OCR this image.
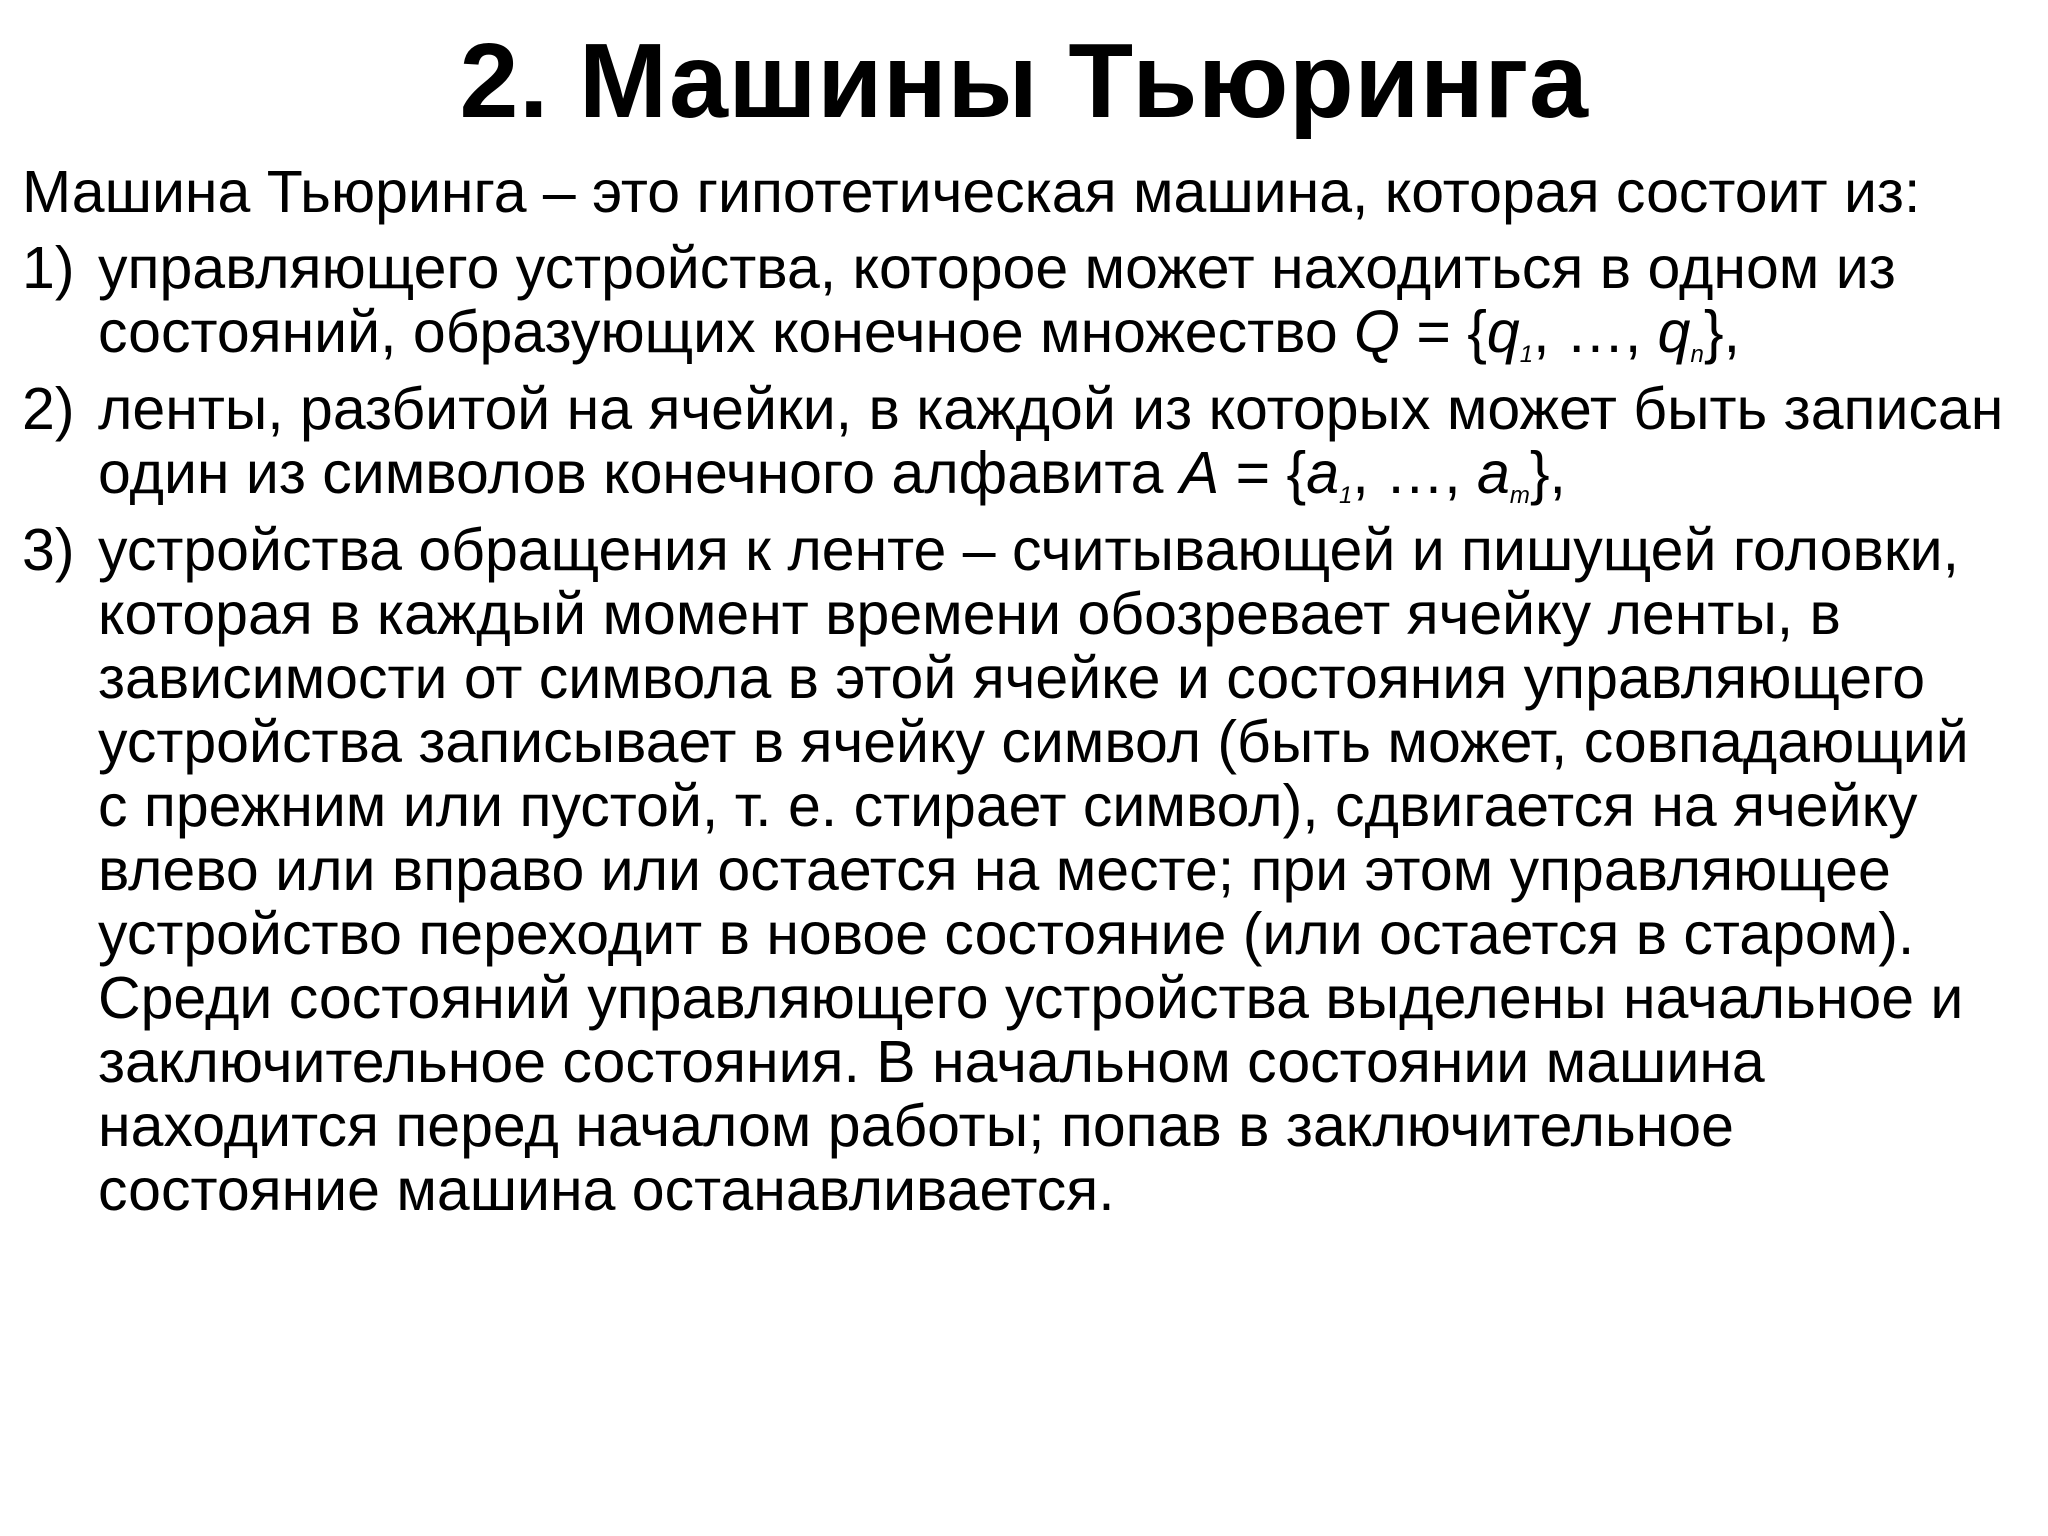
2. Машины Тьюринга

Машина Тьюринга – это гипотетическая машина, которая состоит из:

1) управляющего устройства, которое может находиться в одном из состояний, образующих конечное множество $Q = \{q_1$, …, $q_n$},
2) ленты, разбитой на ячейки, в каждой из которых может быть записан один из символов конечного алфавита $A = \{a_1$, …, $a_m$},
3) устройства обращения к ленте – считывающей и пишущей головки, которая в каждый момент времени обозревает ячейку ленты, в зависимости от символа в этой ячейке и состояния управляющего устройства записывает в ячейку символ (быть может, совпадающий с прежним или пустой, т. е. стирает символ), сдвигается на ячейку влево или вправо или остается на месте; при этом управляющее устройство переходит в новое состояние (или остается в старом). Среди состояний управляющего устройства выделены начальное и заключительное состояния. В начальном состоянии машина находится перед началом работы; попав в заключительное состояние машина останавливается.
